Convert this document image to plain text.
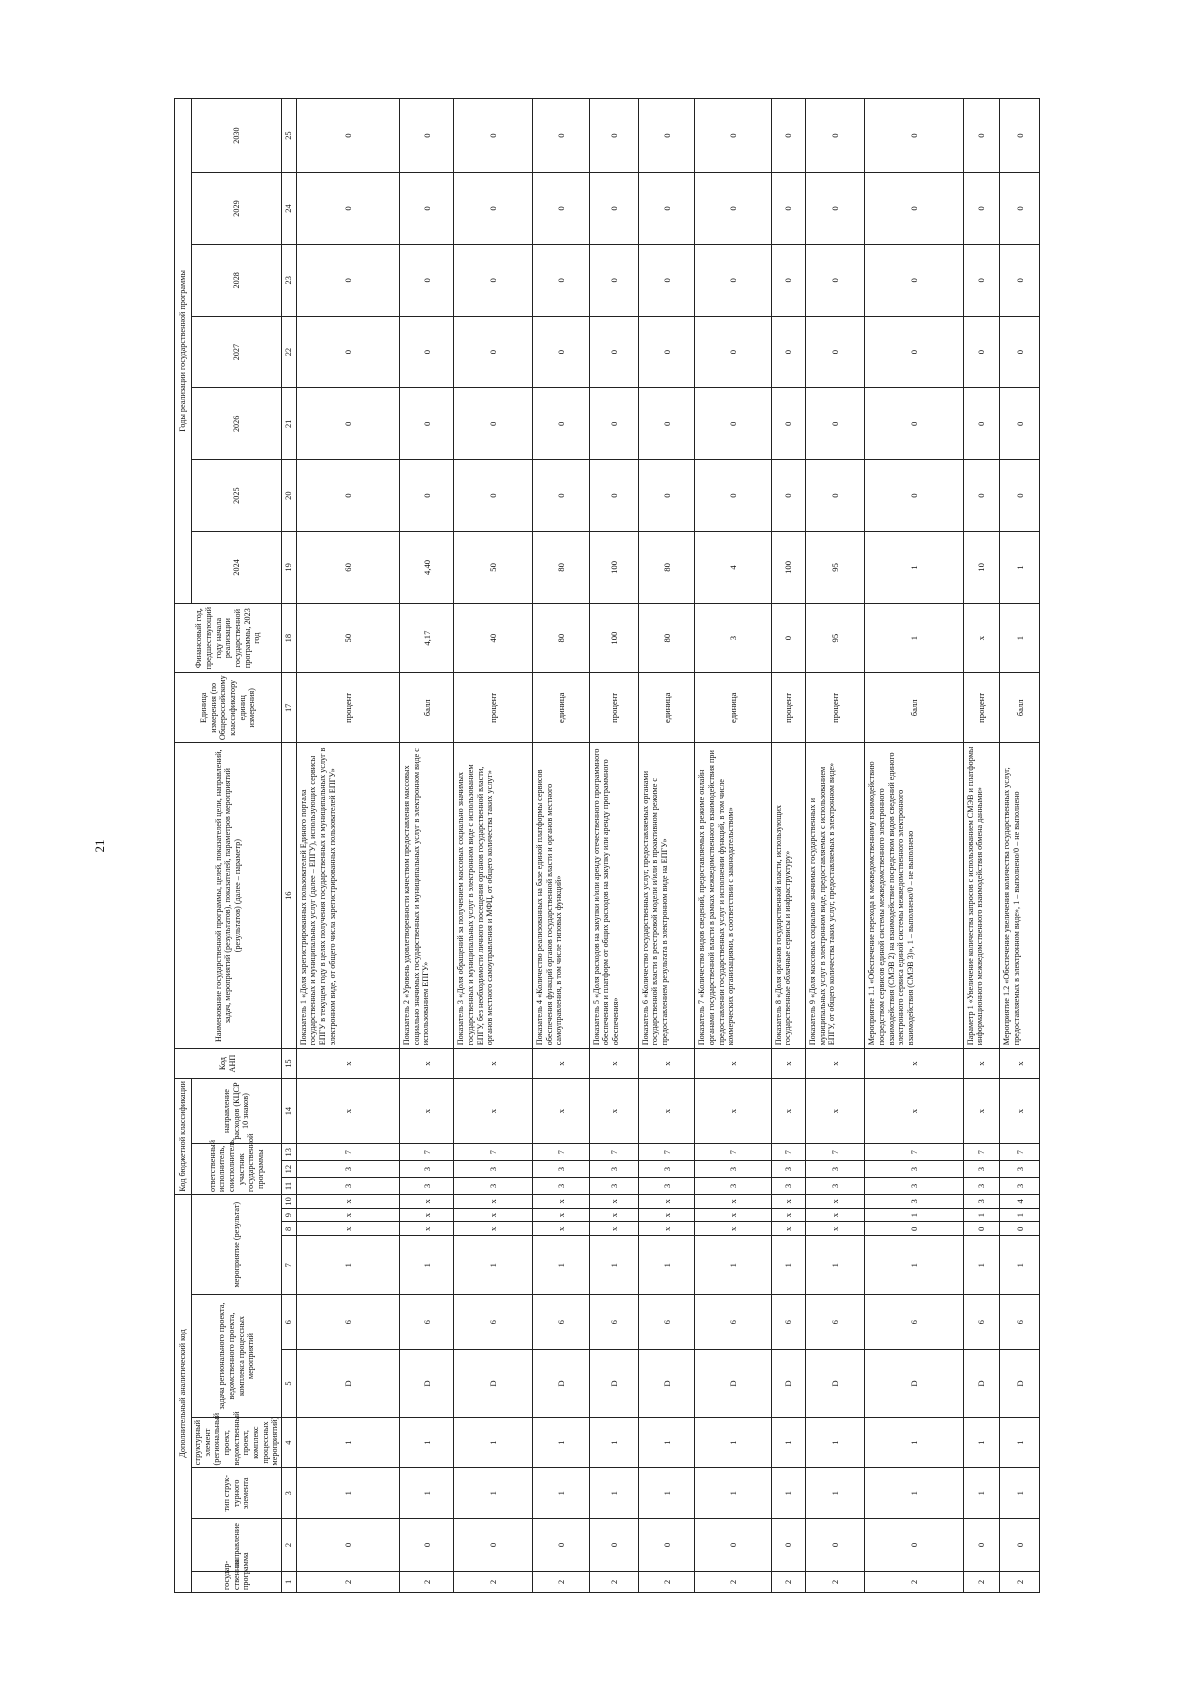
21
Дополнительный аналитический код										Код бюджетной классификации				Код АНП	Наименование государственной программы, целей, показателей цели, направлений, задач, мероприятий (результатов), показателей, параметров мероприятий (результатов) (далее – параметр)	Единица измерения (по Общероссийскому классификатору единиц измерения)	Финансовый год, предшествующий году начала реализации государственной программы, 2023 год	Годы реализации государственной программы						
государ-ственная программа	направление	тип струк-турного элемента	структурный элемент (региональный проект, ведомственный проект, комплекс процессных мероприятий)	задача регионального проекта, ведомственного проекта, комплекса процессных мероприятий		мероприятие (результат)				ответственный исполнитель, соисполнитель, участник государственной программы			направление расходов (КЦСР 10 знаков)					2024	2025	2026	2027	2028	2029	2030
1	2	3	4	5	6	7	8	9	10	11	12	13	14	15	16	17	18	19	20	21	22	23	24	25
2	0	1	1	D	6	1	x	x	x	3	3	7	x	x	Показатель 1 «Доля зарегистрированных пользователей Единого портала государственных и муниципальных услуг (далее – ЕПГУ), использующих сервисы ЕПГУ в текущем году в целях получения государственных и муниципальных услуг в электронном виде, от общего числа зарегистрированных пользователей ЕПГУ»	процент	50	60	0	0	0	0	0	0
2	0	1	1	D	6	1	x	x	x	3	3	7	x	x	Показатель 2 «Уровень удовлетворенности качеством предоставления массовых социально значимых государственных и муниципальных услуг в электронном виде с использованием ЕПГУ»	балл	4,17	4,40	0	0	0	0	0	0
2	0	1	1	D	6	1	x	x	x	3	3	7	x	x	Показатель 3 «Доля обращений за получением массовых социально значимых государственных и муниципальных услуг в электронном виде с использованием ЕПГУ, без необходимости личного посещения органов государственной власти, органов местного самоуправления и МФЦ, от общего количества таких услуг»	процент	40	50	0	0	0	0	0	0
2	0	1	1	D	6	1	x	x	x	3	3	7	x	x	Показатель 4 «Количество реализованных на базе единой платформы сервисов обеспечения функций органов государственной власти и органов местного самоуправления, в том числе типовых функций»	единица	80	80	0	0	0	0	0	0
2	0	1	1	D	6	1	x	x	x	3	3	7	x	x	Показатель 5 «Доля расходов на закупки и/или аренду отечественного программного обеспечения и платформ от общих расходов на закупку или аренду программного обеспечения»	процент	100	100	0	0	0	0	0	0
2	0	1	1	D	6	1	x	x	x	3	3	7	x	x	Показатель 6 «Количество государственных услуг, предоставляемых органами государственной власти в реестровой модели и/или в проактивном режиме с предоставлением результата в электронном виде на ЕПГУ»	единица	80	80	0	0	0	0	0	0
2	0	1	1	D	6	1	x	x	x	3	3	7	x	x	Показатель 7 «Количество видов сведений, предоставляемых в режиме онлайн органами государственной власти в рамках межведомственного взаимодействия при предоставлении государственных услуг и исполнении функций, в том числе коммерческих организациями, в соответствии с законодательством»	единица	3	4	0	0	0	0	0	0
2	0	1	1	D	6	1	x	x	x	3	3	7	x	x	Показатель 8 «Доля органов государственной власти, использующих государственные облачные сервисы и инфраструктуру»	процент	0	100	0	0	0	0	0	0
2	0	1	1	D	6	1	x	x	x	3	3	7	x	x	Показатель 9 «Доля массовых социально значимых государственных и муниципальных услуг в электронном виде, предоставляемых с использованием ЕПГУ, от общего количества таких услуг, предоставляемых в электронном виде»	процент	95	95	0	0	0	0	0	0
2	0	1	1	D	6	1	0	1	3	3	3	7	x	x	Мероприятие 1.1 «Обеспечение перехода к межведомственному взаимодействию посредством сервисов единой системы межведомственного электронного взаимодействия (СМЭВ 2) на взаимодействие посредством видов сведений единого электронного сервиса единой системы межведомственного электронного взаимодействия (СМЭВ 3)», 1 – выполнено/0 – не выполнено	балл	1	1	0	0	0	0	0	0
2	0	1	1	D	6	1	0	1	3	3	3	7	x	x	Параметр 1 «Увеличение количества запросов с использованием СМЭВ и платформы информационного межведомственного взаимодействия обмена данными»	процент	x	10	0	0	0	0	0	0
2	0	1	1	D	6	1	0	1	4	3	3	7	x	x	Мероприятие 1.2 «Обеспечение увеличения количества государственных услуг, предоставляемых в электронном виде», 1 – выполнено/0 – не выполнено	балл	1	1	0	0	0	0	0	0
